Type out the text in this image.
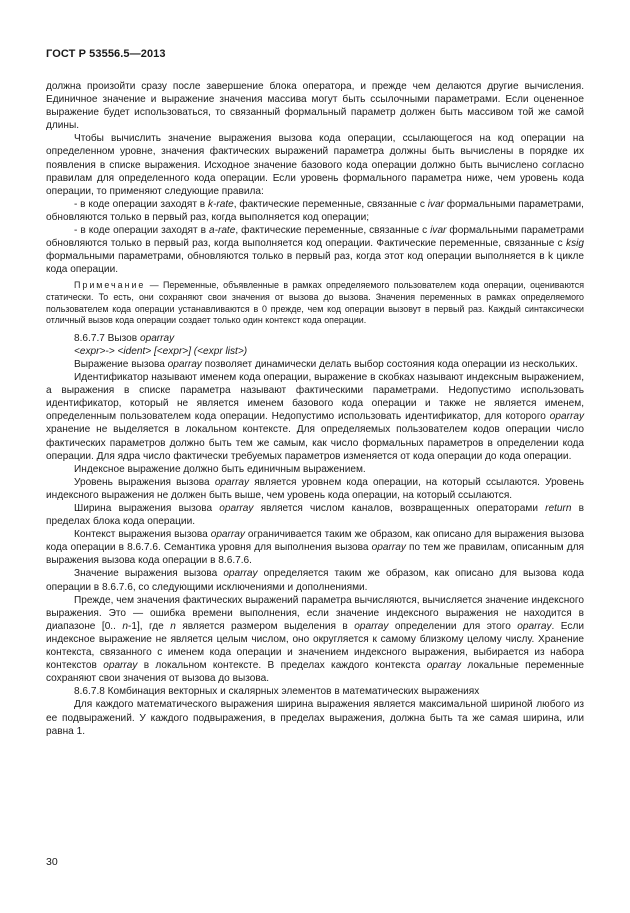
ГОСТ Р 53556.5—2013

должна произойти сразу после завершение блока оператора, и прежде чем делаются другие вычисления. Единичное значение и выражение значения массива могут быть ссылочными параметрами. Если оцененное выражение будет использоваться, то связанный формальный параметр должен быть массивом той же самой длины.

Чтобы вычислить значение выражения вызова кода операции, ссылающегося на код операции на определенном уровне, значения фактических выражений параметра должны быть вычислены в порядке их появления в списке выражения. Исходное значение базового кода операции должно быть вычислено согласно правилам для определенного кода операции. Если уровень формального параметра ниже, чем уровень кода операции, то применяют следующие правила:

- в коде операции заходят в k-rate, фактические переменные, связанные с ivar формальными параметрами, обновляются только в первый раз, когда выполняется код операции;

- в коде операции заходят в a-rate, фактические переменные, связанные с ivar формальными параметрами обновляются только в первый раз, когда выполняется код операции. Фактические переменные, связанные с ksig формальными параметрами, обновляются только в первый раз, когда этот код операции выполняется в k цикле кода операции.

Примечание — Переменные, объявленные в рамках определяемого пользователем кода операции, оцениваются статически. То есть, они сохраняют свои значения от вызова до вызова. Значения переменных в рамках определяемого пользователем кода операции устанавливаются в 0 прежде, чем код операции вызовут в первый раз. Каждый синтаксически отличный вызов кода операции создает только один контекст кода операции.

8.6.7.7 Вызов oparray

<expr>-> <ident> [<expr>] (<expr list>)

Выражение вызова oparray позволяет динамически делать выбор состояния кода операции из нескольких.

Идентификатор называют именем кода операции, выражение в скобках называют индексным выражением, а выражения в списке параметра называют фактическими параметрами. Недопустимо использовать идентификатор, который не является именем базового кода операции и также не является именем, определенным пользователем кода операции. Недопустимо использовать идентификатор, для которого oparray хранение не выделяется в локальном контексте. Для определяемых пользователем кодов операции число фактических параметров должно быть тем же самым, как число формальных параметров в определении кода операции. Для ядра число фактически требуемых параметров изменяется от кода операции до кода операции.

Индексное выражение должно быть единичным выражением.

Уровень выражения вызова oparray является уровнем кода операции, на который ссылаются. Уровень индексного выражения не должен быть выше, чем уровень кода операции, на который ссылаются.

Ширина выражения вызова oparray является числом каналов, возвращенных операторами return в пределах блока кода операции.

Контекст выражения вызова oparray ограничивается таким же образом, как описано для выражения вызова кода операции в 8.6.7.6. Семантика уровня для выполнения вызова oparray по тем же правилам, описанным для выражения вызова кода операции в 8.6.7.6.

Значение выражения вызова oparray определяется таким же образом, как описано для вызова кода операции в 8.6.7.6, со следующими исключениями и дополнениями.

Прежде, чем значения фактических выражений параметра вычисляются, вычисляется значение индексного выражения. Это — ошибка времени выполнения, если значение индексного выражения не находится в диапазоне [0.. n-1], где n является размером выделения в oparray определении для этого oparray. Если индексное выражение не является целым числом, оно округляется к самому близкому целому числу. Хранение контекста, связанного с именем кода операции и значением индексного выражения, выбирается из набора контекстов oparray в локальном контексте. В пределах каждого контекста oparray локальные переменные сохраняют свои значения от вызова до вызова.

8.6.7.8 Комбинация векторных и скалярных элементов в математических выражениях

Для каждого математического выражения ширина выражения является максимальной шириной любого из ее подвыражений. У каждого подвыражения, в пределах выражения, должна быть та же самая ширина, или равна 1.

30
